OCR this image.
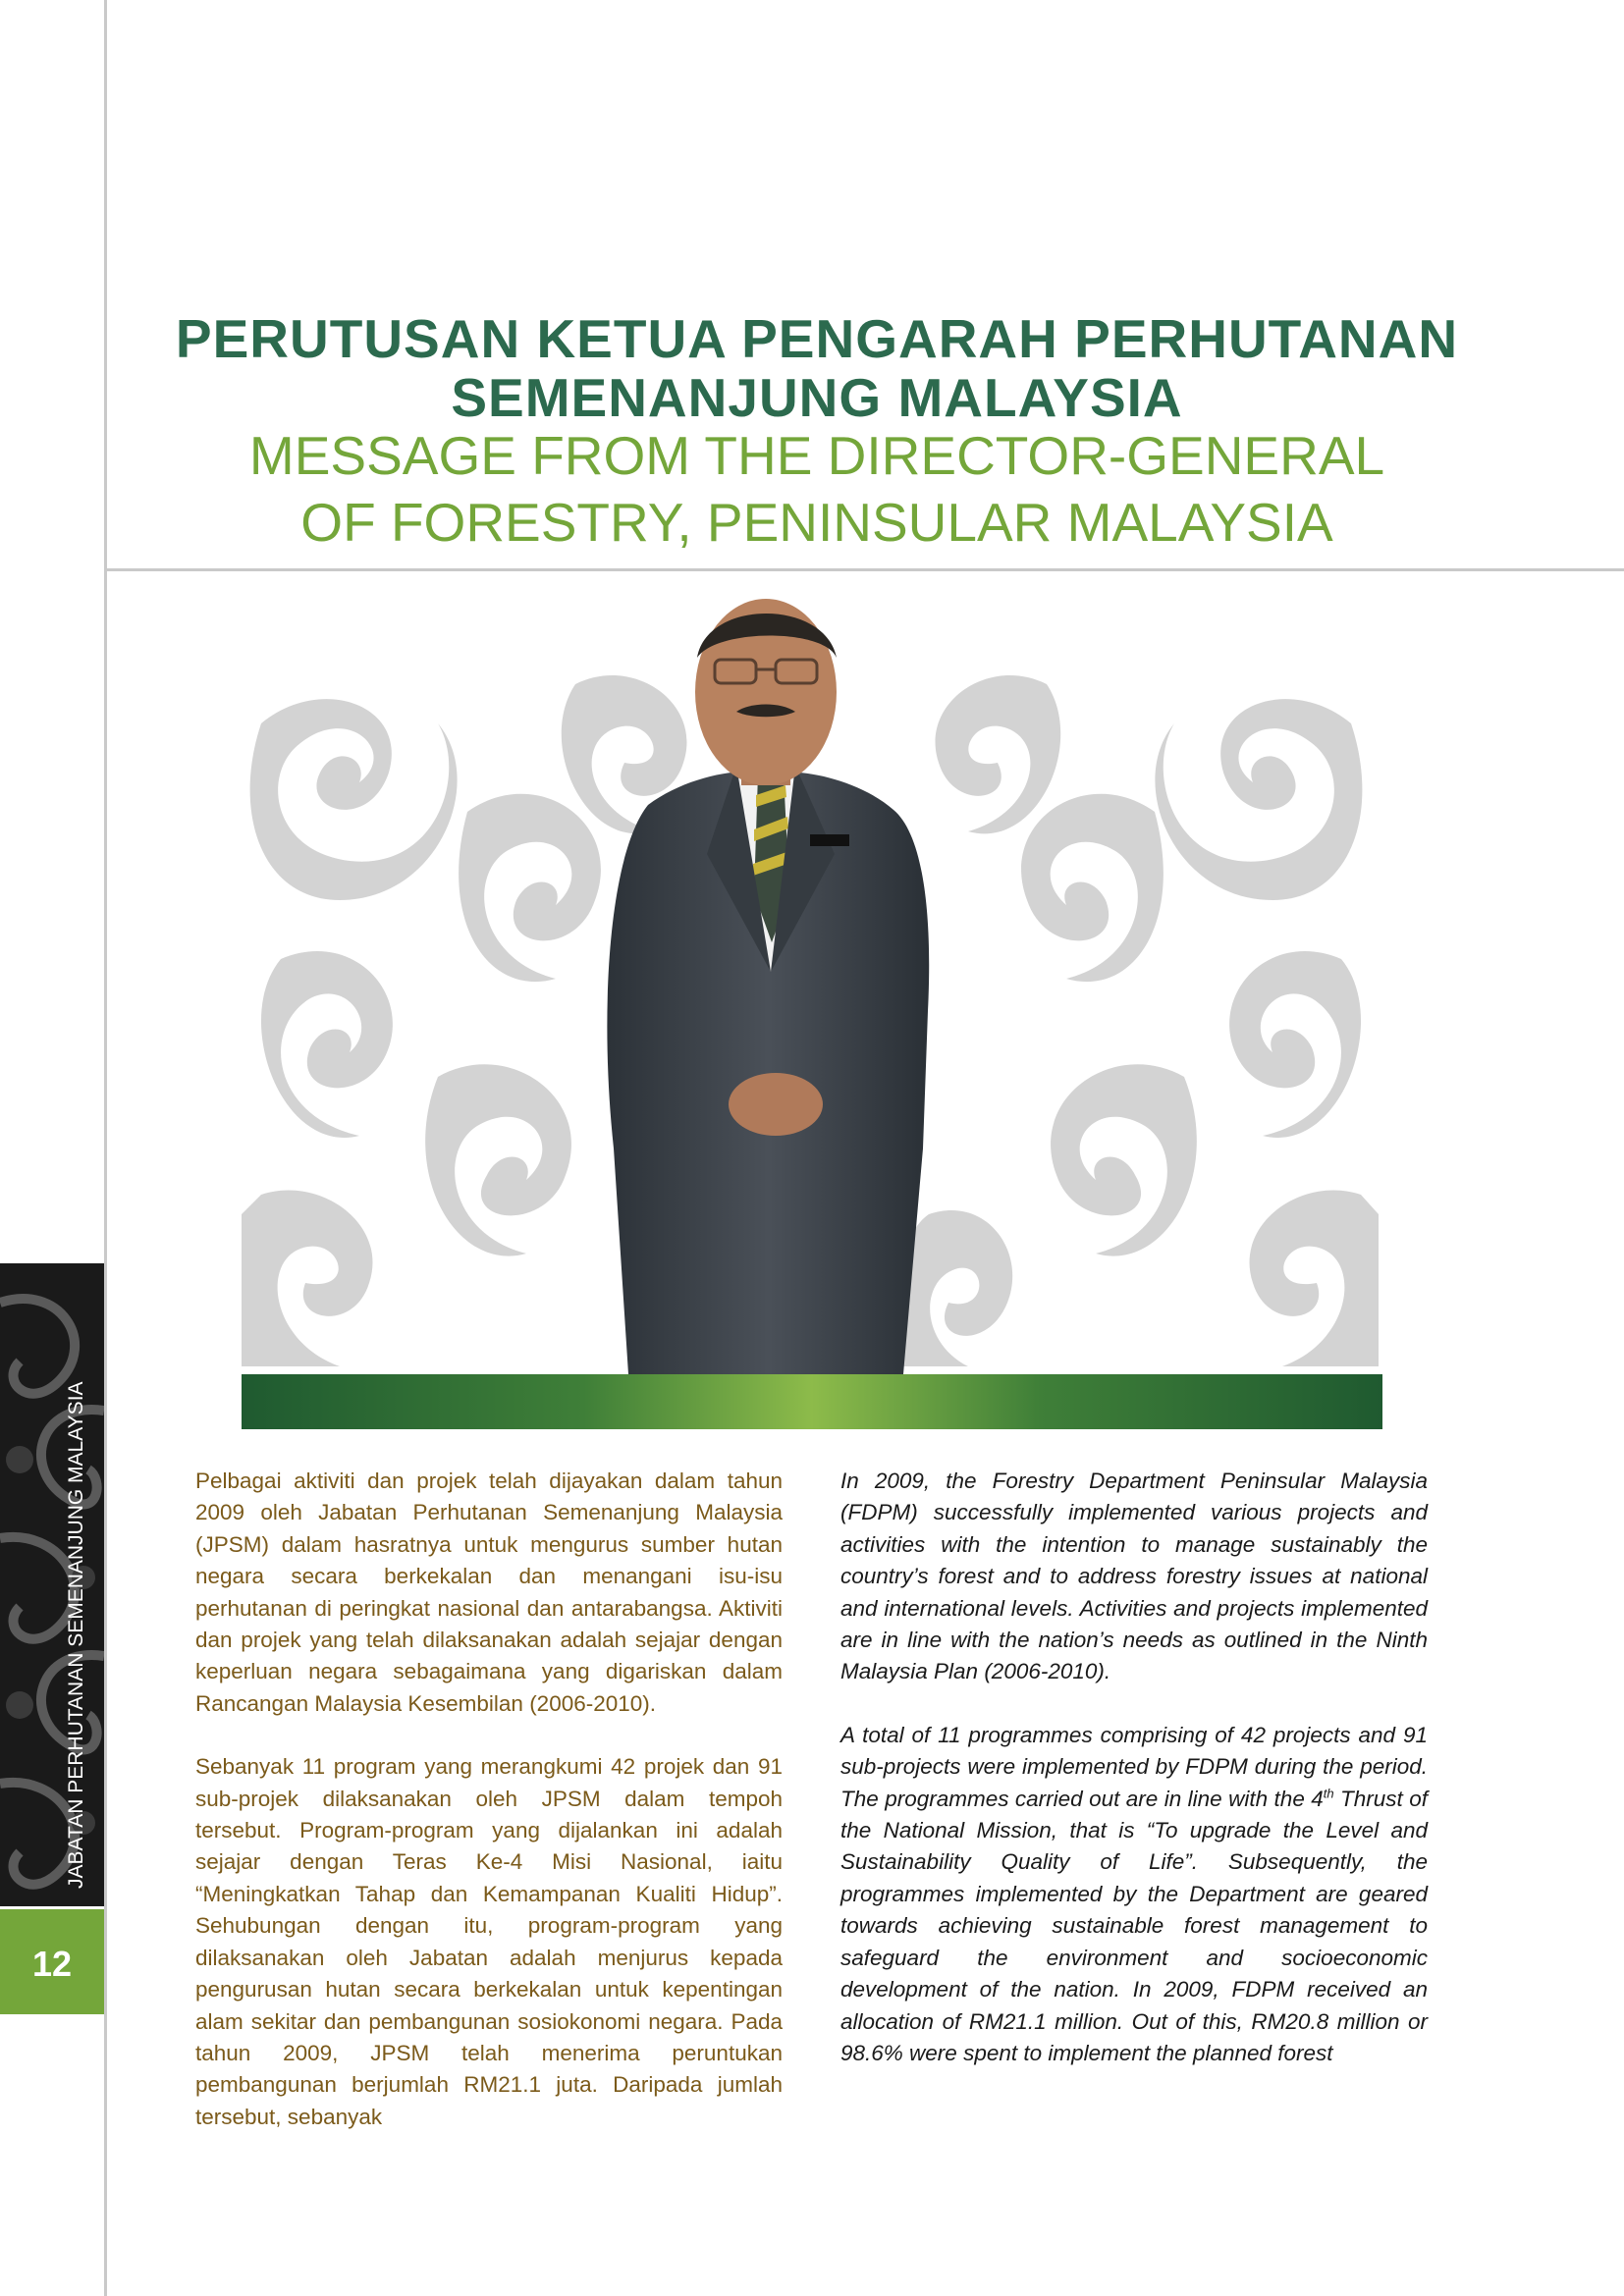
PERUTUSAN KETUA PENGARAH PERHUTANAN
SEMENANJUNG MALAYSIA
MESSAGE FROM THE DIRECTOR-GENERAL
OF FORESTRY, PENINSULAR MALAYSIA
JABATAN PERHUTANAN SEMENANJUNG MALAYSIA
12

Pelbagai aktiviti dan projek telah dijayakan dalam tahun 2009 oleh Jabatan Perhutanan Semenanjung Malaysia (JPSM) dalam hasratnya untuk mengurus sumber hutan negara secara berkekalan dan menangani isu-isu perhutanan di peringkat nasional dan antarabangsa. Aktiviti dan projek yang telah dilaksanakan adalah sejajar dengan keperluan negara sebagaimana yang digariskan dalam Rancangan Malaysia Kesembilan (2006-2010).

Sebanyak 11 program yang merangkumi 42 projek dan 91 sub-projek dilaksanakan oleh JPSM dalam tempoh tersebut. Program-program yang dijalankan ini adalah sejajar dengan Teras Ke-4 Misi Nasional, iaitu “Meningkatkan Tahap dan Kemampanan Kualiti Hidup”. Sehubungan dengan itu, program-program yang dilaksanakan oleh Jabatan adalah menjurus kepada pengurusan hutan secara berkekalan untuk kepentingan alam sekitar dan pembangunan sosiokonomi negara. Pada tahun 2009, JPSM telah menerima peruntukan pembangunan berjumlah RM21.1 juta. Daripada jumlah tersebut, sebanyak

In 2009, the Forestry Department Peninsular Malaysia (FDPM) successfully implemented various projects and activities with the intention to manage sustainably the country’s forest and to address forestry issues at national and international levels. Activities and projects implemented are in line with the nation’s needs as outlined in the Ninth Malaysia Plan (2006-2010).

A total of 11 programmes comprising of 42 projects and 91 sub-projects were implemented by FDPM during the period. The programmes carried out are in line with the 4th Thrust of the National Mission, that is “To upgrade the Level and Sustainability Quality of Life”. Subsequently, the programmes implemented by the Department are geared towards achieving sustainable forest management to safeguard the environment and socioeconomic development of the nation. In 2009, FDPM received an allocation of RM21.1 million. Out of this, RM20.8 million or 98.6% were spent to implement the planned forest
